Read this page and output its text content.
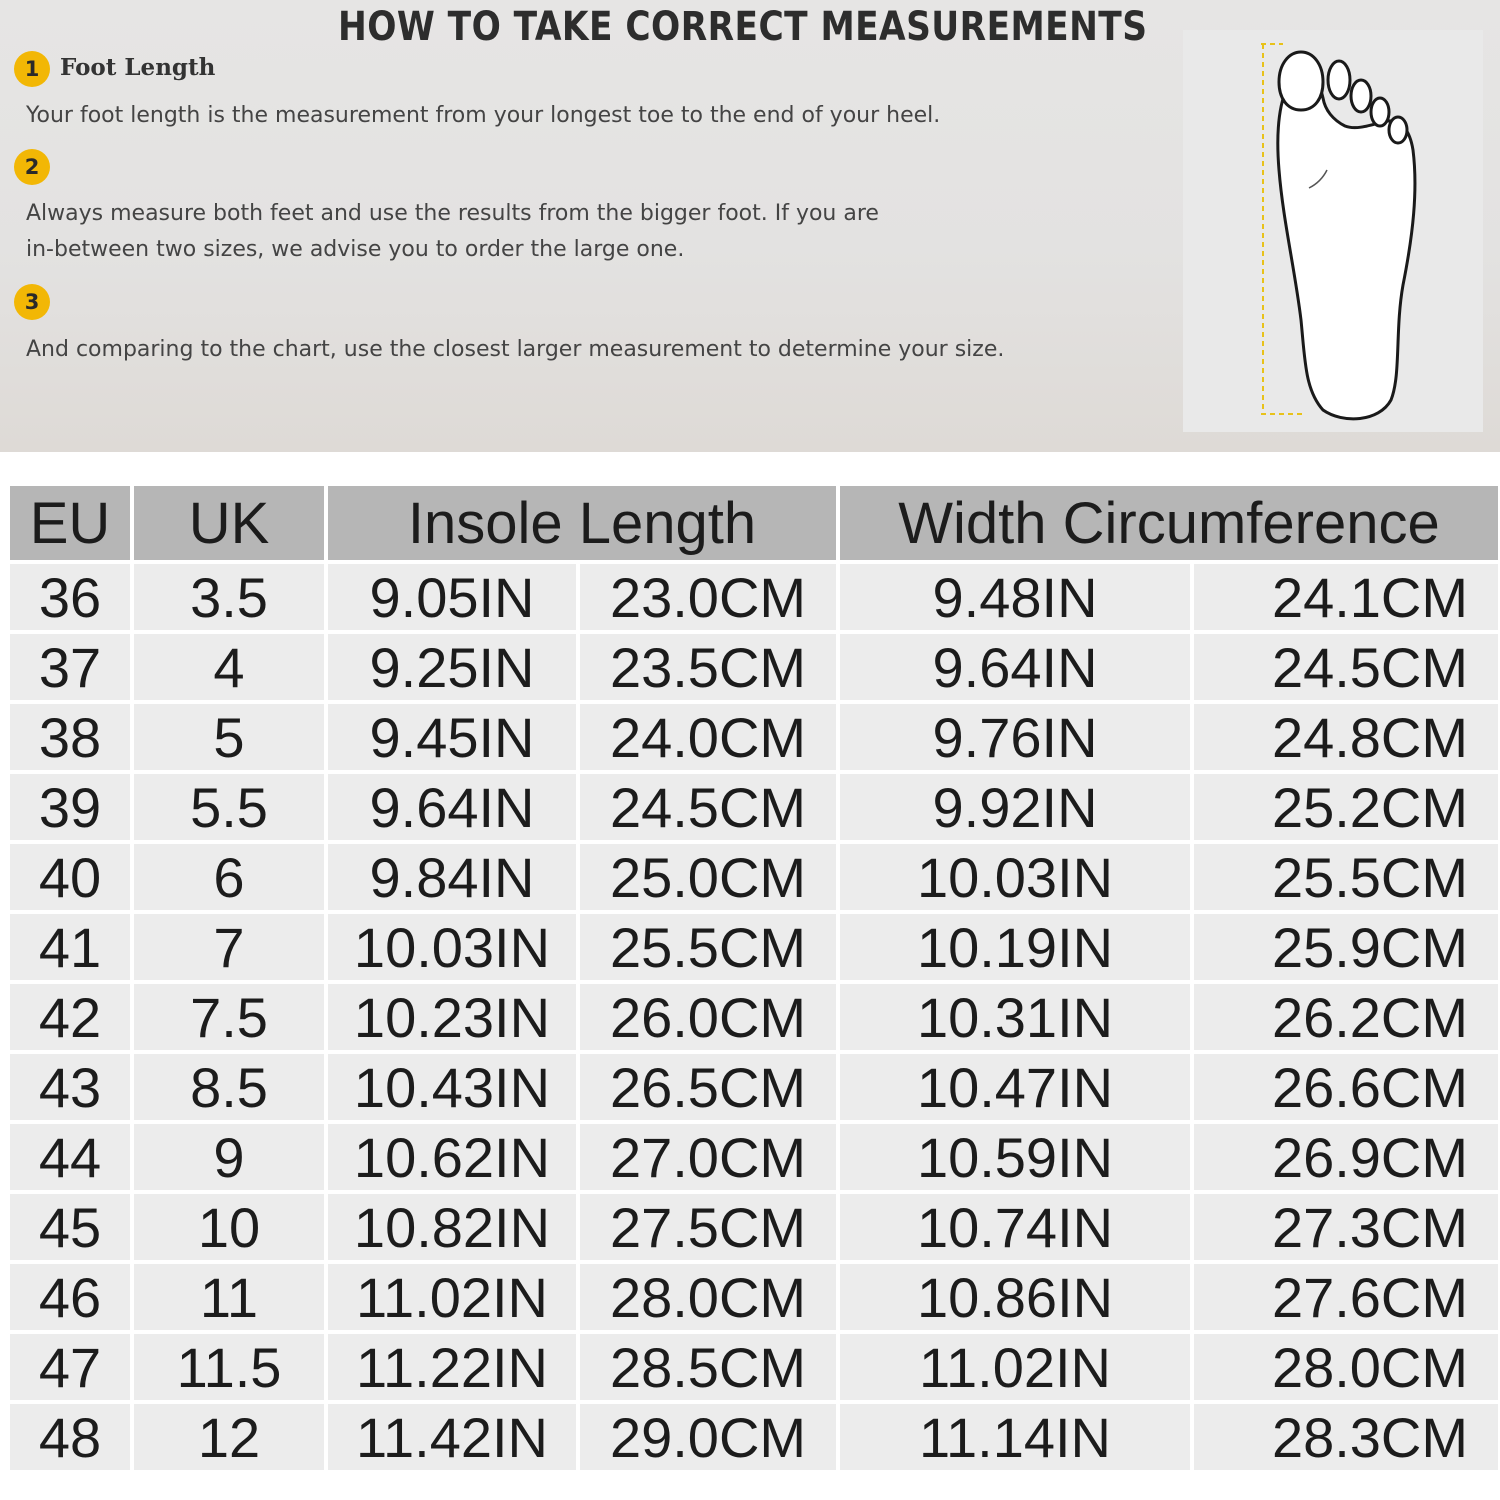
HOW TO TAKE CORRECT MEASUREMENTS
1 Foot Length
Your foot length is the measurement from your longest toe to the end of your heel.
2
Always measure both feet and use the results from the bigger foot. If you are
in-between two sizes, we advise you to order the large one.
3
And comparing to the chart, use the closest larger measurement to determine your size.
EU	UK	Insole Length		Width Circumference	
36	3.5	9.05IN	23.0CM	9.48IN	24.1CM
37	4	9.25IN	23.5CM	9.64IN	24.5CM
38	5	9.45IN	24.0CM	9.76IN	24.8CM
39	5.5	9.64IN	24.5CM	9.92IN	25.2CM
40	6	9.84IN	25.0CM	10.03IN	25.5CM
41	7	10.03IN	25.5CM	10.19IN	25.9CM
42	7.5	10.23IN	26.0CM	10.31IN	26.2CM
43	8.5	10.43IN	26.5CM	10.47IN	26.6CM
44	9	10.62IN	27.0CM	10.59IN	26.9CM
45	10	10.82IN	27.5CM	10.74IN	27.3CM
46	11	11.02IN	28.0CM	10.86IN	27.6CM
47	11.5	11.22IN	28.5CM	11.02IN	28.0CM
48	12	11.42IN	29.0CM	11.14IN	28.3CM
